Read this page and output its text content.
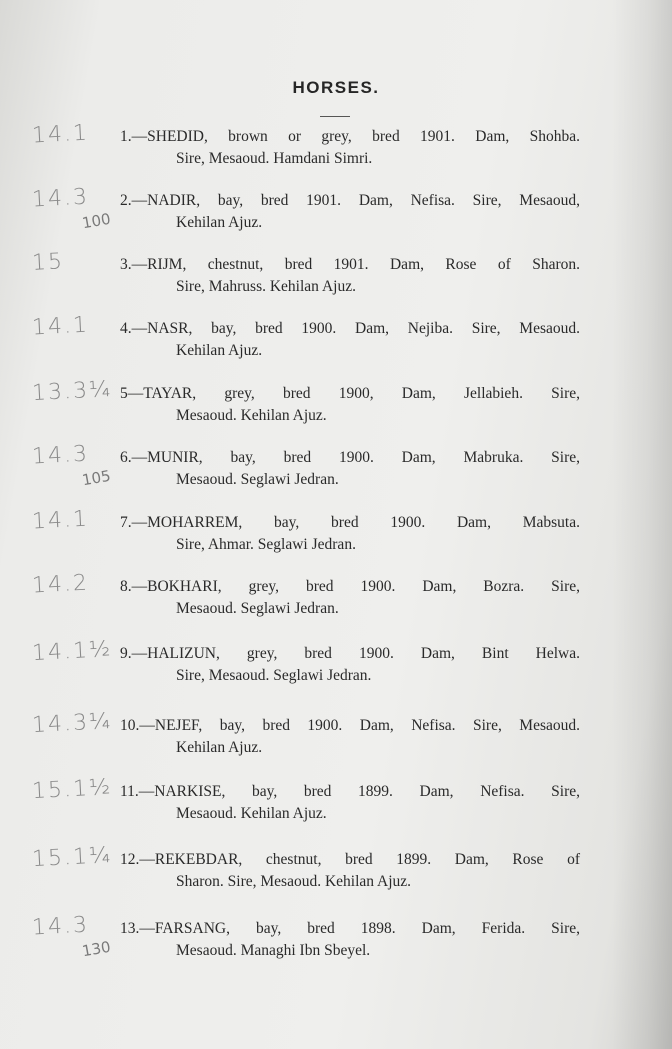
HORSES.
14.1 1.—SHEDID, brown or grey, bred 1901. Dam, Shohba.
Sire, Mesaoud. Hamdani Simri.
14.3
100
2.—NADIR, bay, bred 1901. Dam, Nefisa. Sire, Mesaoud,
Kehilan Ajuz.
15	3.—RIJM, chestnut, bred 1901. Dam, Rose of Sharon.
Sire, Mahruss. Kehilan Ajuz.
14.1 4.—NASR, bay, bred 1900. Dam, Nejiba. Sire, Mesaoud.
Kehilan Ajuz.
13.3¼ 5—TAYAR, grey, bred 1900, Dam, Jellabieh. Sire,
Mesaoud. Kehilan Ajuz.
14.3
105
6.—MUNIR, bay, bred 1900. Dam, Mabruka. Sire,
Mesaoud. Seglawi Jedran.
14.1 7.—MOHARREM, bay, bred 1900. Dam, Mabsuta.
Sire, Ahmar. Seglawi Jedran.
14.2 8.—BOKHARI, grey, bred 1900. Dam, Bozra. Sire,
Mesaoud. Seglawi Jedran.
14.1½ 9.—HALIZUN, grey, bred 1900. Dam, Bint Helwa.
Sire, Mesaoud. Seglawi Jedran.
14.3¼ 10.—NEJEF, bay, bred 1900. Dam, Nefisa. Sire, Mesaoud.
Kehilan Ajuz.
15.1½ 11.—NARKISE, bay, bred 1899. Dam, Nefisa. Sire,
Mesaoud. Kehilan Ajuz.
15.1¼ 12.—REKEBDAR, chestnut, bred 1899. Dam, Rose of
Sharon. Sire, Mesaoud. Kehilan Ajuz.
14.3
130
13.—FARSANG, bay, bred 1898. Dam, Ferida. Sire,
Mesaoud. Managhi Ibn Sbeyel.
